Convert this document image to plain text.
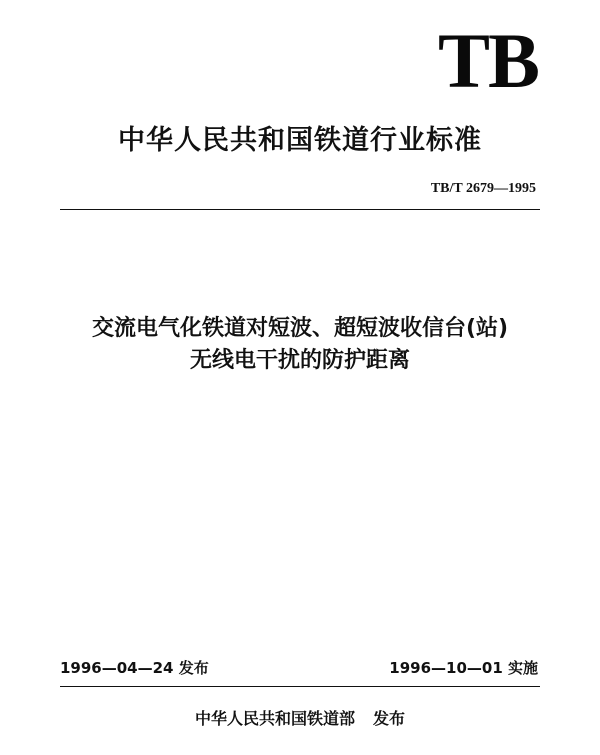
TB
中华人民共和国铁道行业标准
TB/T 2679—1995
交流电气化铁道对短波、超短波收信台(站)
无线电干扰的防护距离
1996—04—24 发布	1996—10—01 实施
中华人民共和国铁道部 发布
